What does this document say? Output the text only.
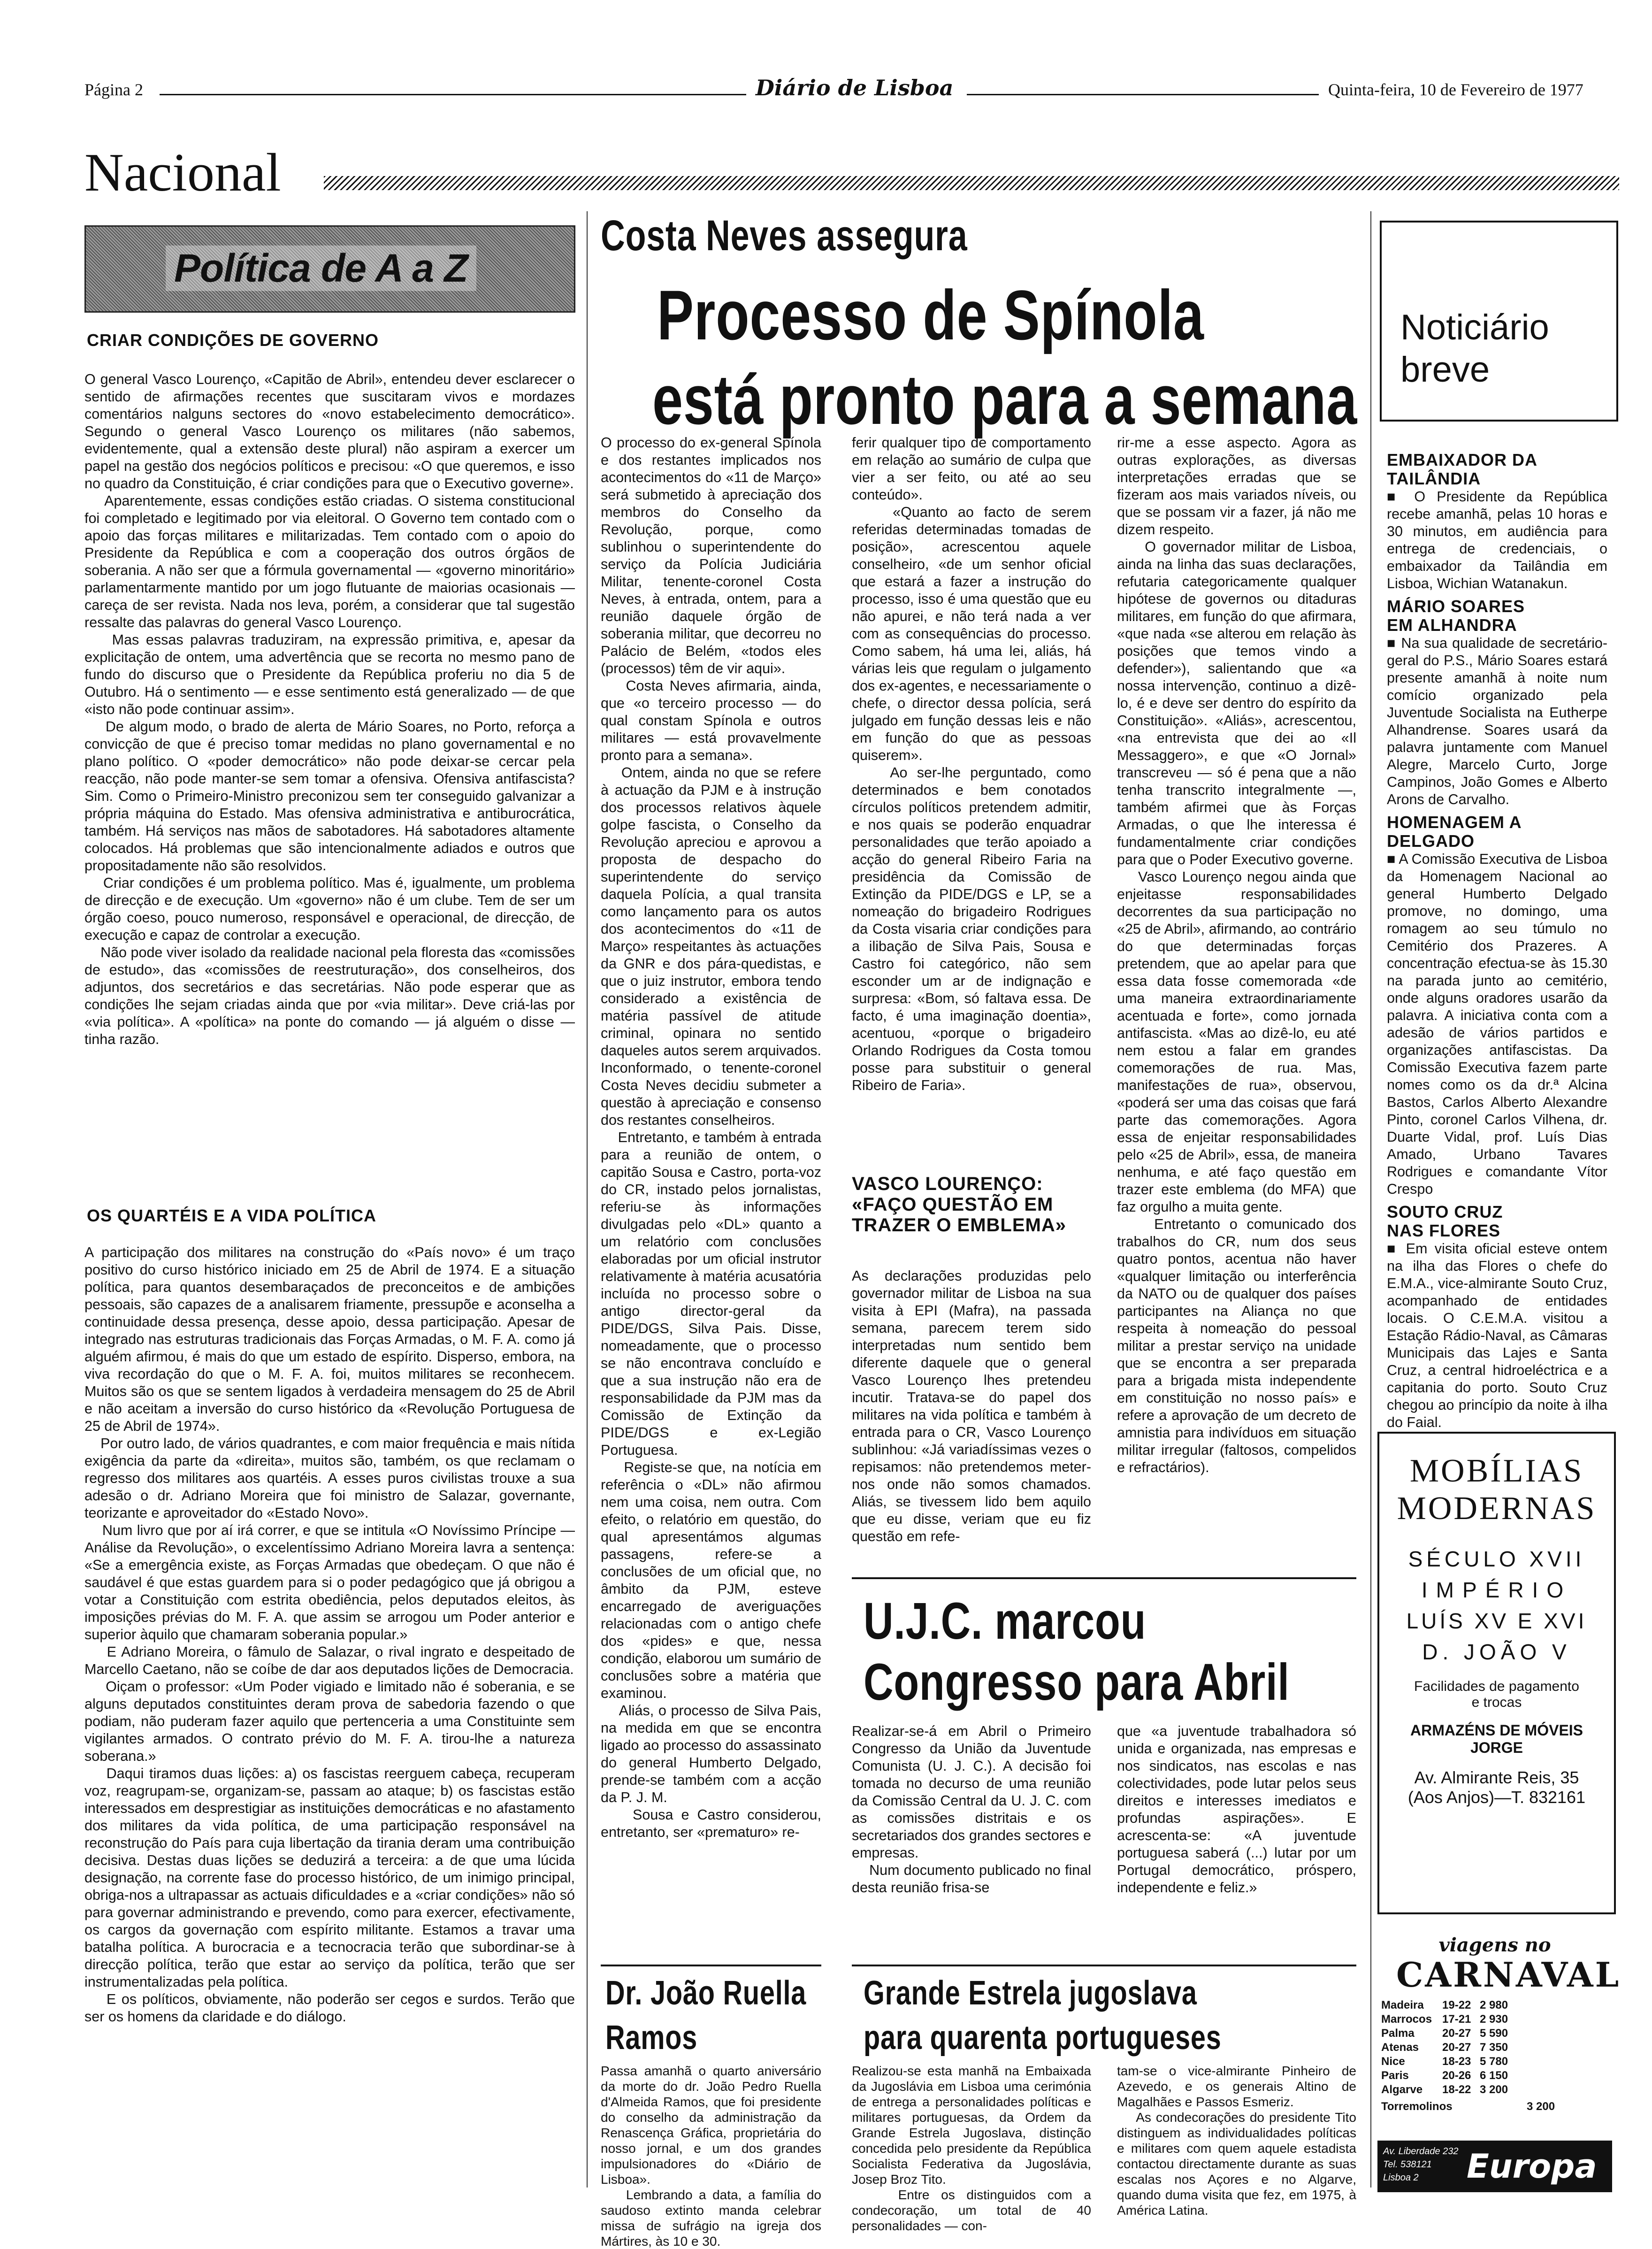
Página 2	Diário de Lisboa	Quinta-feira, 10 de Fevereiro de 1977
Nacional
Política de A a Z
CRIAR CONDIÇÕES DE GOVERNO
O general Vasco Lourenço, «Capitão de Abril», entendeu dever esclarecer o sentido de afirmações recentes que suscitaram vivos e mordazes comentários nalguns sectores do «novo estabelecimento democrático». Segundo o general Vasco Lourenço os militares (não sabemos, evidentemente, qual a extensão deste plural) não aspiram a exercer um papel na gestão dos negócios políticos e precisou: «O que queremos, e isso no quadro da Constituição, é criar condições para que o Executivo governe».
Aparentemente, essas condições estão criadas. O sistema constitucional foi completado e legitimado por via eleitoral. O Governo tem contado com o apoio das forças militares e militarizadas. Tem contado com o apoio do Presidente da República e com a cooperação dos outros órgãos de soberania. A não ser que a fórmula governamental — «governo minoritário» parlamentarmente mantido por um jogo flutuante de maiorias ocasionais — careça de ser revista. Nada nos leva, porém, a considerar que tal sugestão ressalte das palavras do general Vasco Lourenço.
Mas essas palavras traduziram, na expressão primitiva, e, apesar da explicitação de ontem, uma advertência que se recorta no mesmo pano de fundo do discurso que o Presidente da República proferiu no dia 5 de Outubro. Há o sentimento — e esse sentimento está generalizado — de que «isto não pode continuar assim».
De algum modo, o brado de alerta de Mário Soares, no Porto, reforça a convicção de que é preciso tomar medidas no plano governamental e no plano político. O «poder democrático» não pode deixar-se cercar pela reacção, não pode manter-se sem tomar a ofensiva. Ofensiva antifascista? Sim. Como o Primeiro-Ministro preconizou sem ter conseguido galvanizar a própria máquina do Estado. Mas ofensiva administrativa e antiburocrática, também. Há serviços nas mãos de sabotadores. Há sabotadores altamente colocados. Há problemas que são intencionalmente adiados e outros que propositadamente não são resolvidos.
Criar condições é um problema político. Mas é, igualmente, um problema de direcção e de execução. Um «governo» não é um clube. Tem de ser um órgão coeso, pouco numeroso, responsável e operacional, de direcção, de execução e capaz de controlar a execução.
Não pode viver isolado da realidade nacional pela floresta das «comissões de estudo», das «comissões de reestruturação», dos conselheiros, dos adjuntos, dos secretários e das secretárias. Não pode esperar que as condições lhe sejam criadas ainda que por «via militar». Deve criá-las por «via política». A «política» na ponte do comando — já alguém o disse — tinha razão.
OS QUARTÉIS E A VIDA POLÍTICA
A participação dos militares na construção do «País novo» é um traço positivo do curso histórico iniciado em 25 de Abril de 1974. E a situação política, para quantos desembaraçados de preconceitos e de ambições pessoais, são capazes de a analisarem friamente, pressupõe e aconselha a continuidade dessa presença, desse apoio, dessa participação. Apesar de integrado nas estruturas tradicionais das Forças Armadas, o M. F. A. como já alguém afirmou, é mais do que um estado de espírito. Disperso, embora, na viva recordação do que o M. F. A. foi, muitos militares se reconhecem. Muitos são os que se sentem ligados à verdadeira mensagem do 25 de Abril e não aceitam a inversão do curso histórico da «Revolução Portuguesa de 25 de Abril de 1974».
Por outro lado, de vários quadrantes, e com maior frequência e mais nítida exigência da parte da «direita», muitos são, também, os que reclamam o regresso dos militares aos quartéis. A esses puros civilistas trouxe a sua adesão o dr. Adriano Moreira que foi ministro de Salazar, governante, teorizante e aproveitador do «Estado Novo».
Num livro que por aí irá correr, e que se intitula «O Novíssimo Príncipe — Análise da Revolução», o excelentíssimo Adriano Moreira lavra a sentença: «Se a emergência existe, as Forças Armadas que obedeçam. O que não é saudável é que estas guardem para si o poder pedagógico que já obrigou a votar a Constituição com estrita obediência, pelos deputados eleitos, às imposições prévias do M. F. A. que assim se arrogou um Poder anterior e superior àquilo que chamaram soberania popular.»
E Adriano Moreira, o fâmulo de Salazar, o rival ingrato e despeitado de Marcello Caetano, não se coíbe de dar aos deputados lições de Democracia.
Oiçam o professor: «Um Poder vigiado e limitado não é soberania, e se alguns deputados constituintes deram prova de sabedoria fazendo o que podiam, não puderam fazer aquilo que pertenceria a uma Constituinte sem vigilantes armados. O contrato prévio do M. F. A. tirou-lhe a natureza soberana.»
Daqui tiramos duas lições: a) os fascistas reerguem cabeça, recuperam voz, reagrupam-se, organizam-se, passam ao ataque; b) os fascistas estão interessados em desprestigiar as instituições democráticas e no afastamento dos militares da vida política, de uma participação responsável na reconstrução do País para cuja libertação da tirania deram uma contribuição decisiva. Destas duas lições se deduzirá a terceira: a de que uma lúcida designação, na corrente fase do processo histórico, de um inimigo principal, obriga-nos a ultrapassar as actuais dificuldades e a «criar condições» não só para governar administrando e prevendo, como para exercer, efectivamente, os cargos da governação com espírito militante. Estamos a travar uma batalha política. A burocracia e a tecnocracia terão que subordinar-se à direcção política, terão que estar ao serviço da política, terão que ser instrumentalizadas pela política.
E os políticos, obviamente, não poderão ser cegos e surdos. Terão que ser os homens da claridade e do diálogo.
Costa Neves assegura
Processo de Spínola
está pronto para a semana
O processo do ex-general Spínola e dos restantes implicados nos acontecimentos do «11 de Março» será submetido à apreciação dos membros do Conselho da Revolução, porque, como sublinhou o superintendente do serviço da Polícia Judiciária Militar, tenente-coronel Costa Neves, à entrada, ontem, para a reunião daquele órgão de soberania militar, que decorreu no Palácio de Belém, «todos eles (processos) têm de vir aqui».
Costa Neves afirmaria, ainda, que «o terceiro processo — do qual constam Spínola e outros militares — está provavelmente pronto para a semana».
Ontem, ainda no que se refere à actuação da PJM e à instrução dos processos relativos àquele golpe fascista, o Conselho da Revolução apreciou e aprovou a proposta de despacho do superintendente do serviço daquela Polícia, a qual transita como lançamento para os autos dos acontecimentos do «11 de Março» respeitantes às actuações da GNR e dos pára-quedistas, e que o juiz instrutor, embora tendo considerado a existência de matéria passível de atitude criminal, opinara no sentido daqueles autos serem arquivados. Inconformado, o tenente-coronel Costa Neves decidiu submeter a questão à apreciação e consenso dos restantes conselheiros.
Entretanto, e também à entrada para a reunião de ontem, o capitão Sousa e Castro, porta-voz do CR, instado pelos jornalistas, referiu-se às informações divulgadas pelo «DL» quanto a um relatório com conclusões elaboradas por um oficial instrutor relativamente à matéria acusatória incluída no processo sobre o antigo director-geral da PIDE/DGS, Silva Pais. Disse, nomeadamente, que o processo se não encontrava concluído e que a sua instrução não era de responsabilidade da PJM mas da Comissão de Extinção da PIDE/DGS e ex-Legião Portuguesa.
Registe-se que, na notícia em referência o «DL» não afirmou nem uma coisa, nem outra. Com efeito, o relatório em questão, do qual apresentámos algumas passagens, refere-se a conclusões de um oficial que, no âmbito da PJM, esteve encarregado de averiguações relacionadas com o antigo chefe dos «pides» e que, nessa condição, elaborou um sumário de conclusões sobre a matéria que examinou.
Aliás, o processo de Silva Pais, na medida em que se encontra ligado ao processo do assassinato do general Humberto Delgado, prende-se também com a acção da P. J. M.
Sousa e Castro considerou, entretanto, ser «prematuro» re-
ferir qualquer tipo de comportamento em relação ao sumário de culpa que vier a ser feito, ou até ao seu conteúdo».
«Quanto ao facto de serem referidas determinadas tomadas de posição», acrescentou aquele conselheiro, «de um senhor oficial que estará a fazer a instrução do processo, isso é uma questão que eu não apurei, e não terá nada a ver com as consequências do processo. Como sabem, há uma lei, aliás, há várias leis que regulam o julgamento dos ex-agentes, e necessariamente o chefe, o director dessa polícia, será julgado em função dessas leis e não em função do que as pessoas quiserem».
Ao ser-lhe perguntado, como determinados e bem conotados círculos políticos pretendem admitir, e nos quais se poderão enquadrar personalidades que terão apoiado a acção do general Ribeiro Faria na presidência da Comissão de Extinção da PIDE/DGS e LP, se a nomeação do brigadeiro Rodrigues da Costa visaria criar condições para a ilibação de Silva Pais, Sousa e Castro foi categórico, não sem esconder um ar de indignação e surpresa: «Bom, só faltava essa. De facto, é uma imaginação doentia», acentuou, «porque o brigadeiro Orlando Rodrigues da Costa tomou posse para substituir o general Ribeiro de Faria».
VASCO LOURENÇO: «FAÇO QUESTÃO EM TRAZER O EMBLEMA»
As declarações produzidas pelo governador militar de Lisboa na sua visita à EPI (Mafra), na passada semana, parecem terem sido interpretadas num sentido bem diferente daquele que o general Vasco Lourenço lhes pretendeu incutir. Tratava-se do papel dos militares na vida política e também à entrada para o CR, Vasco Lourenço sublinhou: «Já variadíssimas vezes o repisamos: não pretendemos meter-nos onde não somos chamados. Aliás, se tivessem lido bem aquilo que eu disse, veriam que eu fiz questão em refe-
rir-me a esse aspecto. Agora as outras explorações, as diversas interpretações erradas que se fizeram aos mais variados níveis, ou que se possam vir a fazer, já não me dizem respeito.
O governador militar de Lisboa, ainda na linha das suas declarações, refutaria categoricamente qualquer hipótese de governos ou ditaduras militares, em função do que afirmara, «que nada «se alterou em relação às posições que temos vindo a defender»), salientando que «a nossa intervenção, continuo a dizê-lo, é e deve ser dentro do espírito da Constituição». «Aliás», acrescentou, «na entrevista que dei ao «Il Messaggero», e que «O Jornal» transcreveu — só é pena que a não tenha transcrito integralmente —, também afirmei que às Forças Armadas, o que lhe interessa é fundamentalmente criar condições para que o Poder Executivo governe.
Vasco Lourenço negou ainda que enjeitasse responsabilidades decorrentes da sua participação no «25 de Abril», afirmando, ao contrário do que determinadas forças pretendem, que ao apelar para que essa data fosse comemorada «de uma maneira extraordinariamente acentuada e forte», como jornada antifascista. «Mas ao dizê-lo, eu até nem estou a falar em grandes comemorações de rua. Mas, manifestações de rua», observou, «poderá ser uma das coisas que fará parte das comemorações. Agora essa de enjeitar responsabilidades pelo «25 de Abril», essa, de maneira nenhuma, e até faço questão em trazer este emblema (do MFA) que faz orgulho a muita gente.
Entretanto o comunicado dos trabalhos do CR, num dos seus quatro pontos, acentua não haver «qualquer limitação ou interferência da NATO ou de qualquer dos países participantes na Aliança no que respeita à nomeação do pessoal militar a prestar serviço na unidade que se encontra a ser preparada para a brigada mista independente em constituição no nosso país» e refere a aprovação de um decreto de amnistia para indivíduos em situação militar irregular (faltosos, compelidos e refractários).
U.J.C. marcou
Congresso para Abril
Realizar-se-á em Abril o Primeiro Congresso da União da Juventude Comunista (U. J. C.). A decisão foi tomada no decurso de uma reunião da Comissão Central da U. J. C. com as comissões distritais e os secretariados dos grandes sectores e empresas.
Num documento publicado no final desta reunião frisa-se
que «a juventude trabalhadora só unida e organizada, nas empresas e nos sindicatos, nas escolas e nas colectividades, pode lutar pelos seus direitos e interesses imediatos e profundas aspirações». E acrescenta-se: «A juventude portuguesa saberá (...) lutar por um Portugal democrático, próspero, independente e feliz.»
Dr. João Ruella
Ramos
Passa amanhã o quarto aniversário da morte do dr. João Pedro Ruella d'Almeida Ramos, que foi presidente do conselho da administração da Renascença Gráfica, proprietária do nosso jornal, e um dos grandes impulsionadores do «Diário de Lisboa».
Lembrando a data, a família do saudoso extinto manda celebrar missa de sufrágio na igreja dos Mártires, às 10 e 30.
Grande Estrela jugoslava
para quarenta portugueses
Realizou-se esta manhã na Embaixada da Jugoslávia em Lisboa uma cerimónia de entrega a personalidades políticas e militares portuguesas, da Ordem da Grande Estrela Jugoslava, distinção concedida pelo presidente da República Socialista Federativa da Jugoslávia, Josep Broz Tito.
Entre os distinguidos com a condecoração, um total de 40 personalidades — con-
tam-se o vice-almirante Pinheiro de Azevedo, e os generais Altino de Magalhães e Passos Esmeriz.
As condecorações do presidente Tito distinguem as individualidades políticas e militares com quem aquele estadista contactou directamente durante as suas escalas nos Açores e no Algarve, quando duma visita que fez, em 1975, à América Latina.
Noticiário
breve
EMBAIXADOR DA TAILÂNDIA
■ O Presidente da República recebe amanhã, pelas 10 horas e 30 minutos, em audiência para entrega de credenciais, o embaixador da Tailândia em Lisboa, Wichian Watanakun.
MÁRIO SOARES EM ALHANDRA
■ Na sua qualidade de secretário-geral do P.S., Mário Soares estará presente amanhã à noite num comício organizado pela Juventude Socialista na Eutherpe Alhandrense. Soares usará da palavra juntamente com Manuel Alegre, Marcelo Curto, Jorge Campinos, João Gomes e Alberto Arons de Carvalho.
HOMENAGEM A DELGADO
■ A Comissão Executiva de Lisboa da Homenagem Nacional ao general Humberto Delgado promove, no domingo, uma romagem ao seu túmulo no Cemitério dos Prazeres. A concentração efectua-se às 15.30 na parada junto ao cemitério, onde alguns oradores usarão da palavra. A iniciativa conta com a adesão de vários partidos e organizações antifascistas. Da Comissão Executiva fazem parte nomes como os da dr.ª Alcina Bastos, Carlos Alberto Alexandre Pinto, coronel Carlos Vilhena, dr. Duarte Vidal, prof. Luís Dias Amado, Urbano Tavares Rodrigues e comandante Vítor Crespo
SOUTO CRUZ NAS FLORES
■ Em visita oficial esteve ontem na ilha das Flores o chefe do E.M.A., vice-almirante Souto Cruz, acompanhado de entidades locais. O C.E.M.A. visitou a Estação Rádio-Naval, as Câmaras Municipais das Lajes e Santa Cruz, a central hidroeléctrica e a capitania do porto. Souto Cruz chegou ao princípio da noite à ilha do Faial.
MOBÍLIAS
MODERNAS
SÉCULO XVII
IMPÉRIO
LUÍS XV E XVI
D. JOÃO V
Facilidades de pagamento
e trocas
ARMAZÉNS DE MÓVEIS
JORGE
Av. Almirante Reis, 35
(Aos Anjos)—T. 832161
viagens no
CARNAVAL
Madeira	19-22 2 980
Marrocos 17-21 2 930
Palma	20-27 5 590
Atenas	20-27 7 350
Nice	18-23 5 780
Paris	20-26 6 150
Algarve	18-22 3 200
Torremolinos	3 200
Av. Liberdade 232
Tel. 538121
Lisboa 2 Europa
